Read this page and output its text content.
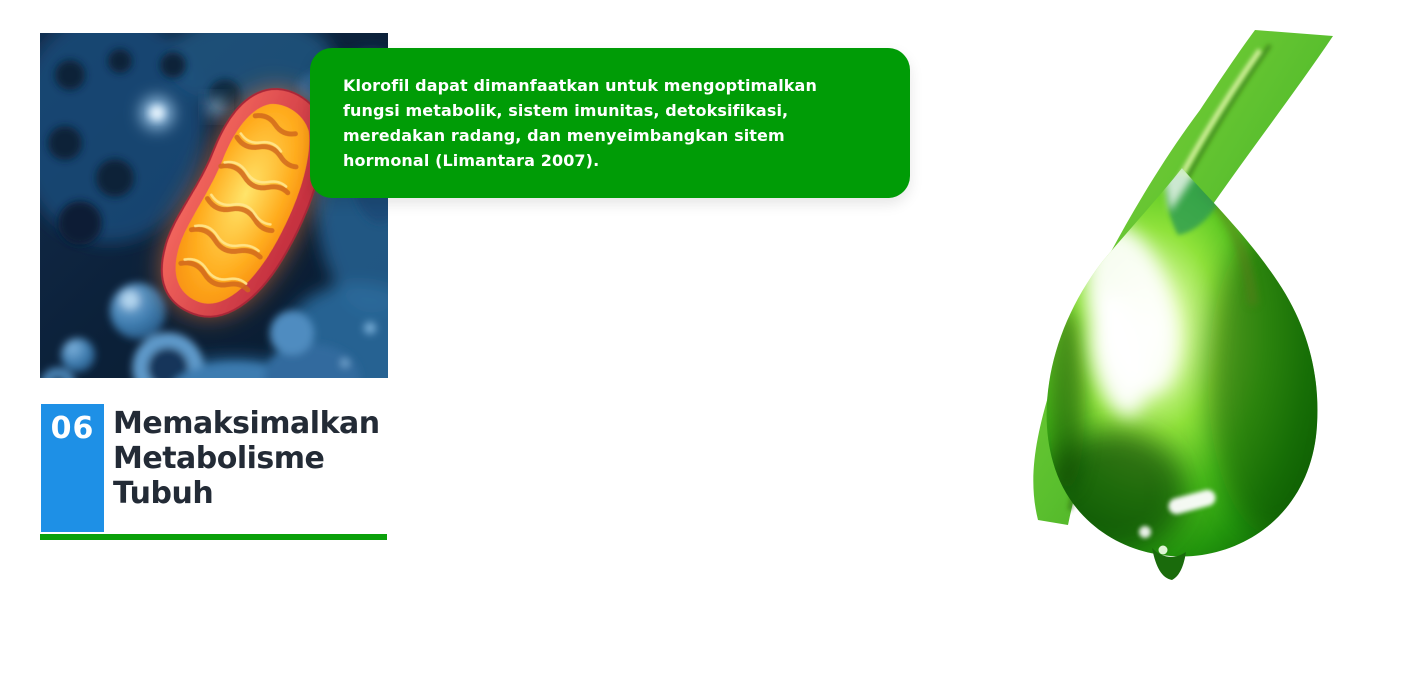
Klorofil dapat dimanfaatkan untuk mengoptimalkan fungsi metabolik, sistem imunitas, detoksifikasi, meredakan radang, dan menyeimbangkan sitem hormonal (Limantara 2007).

06 Memaksimalkan
Metabolisme
Tubuh
